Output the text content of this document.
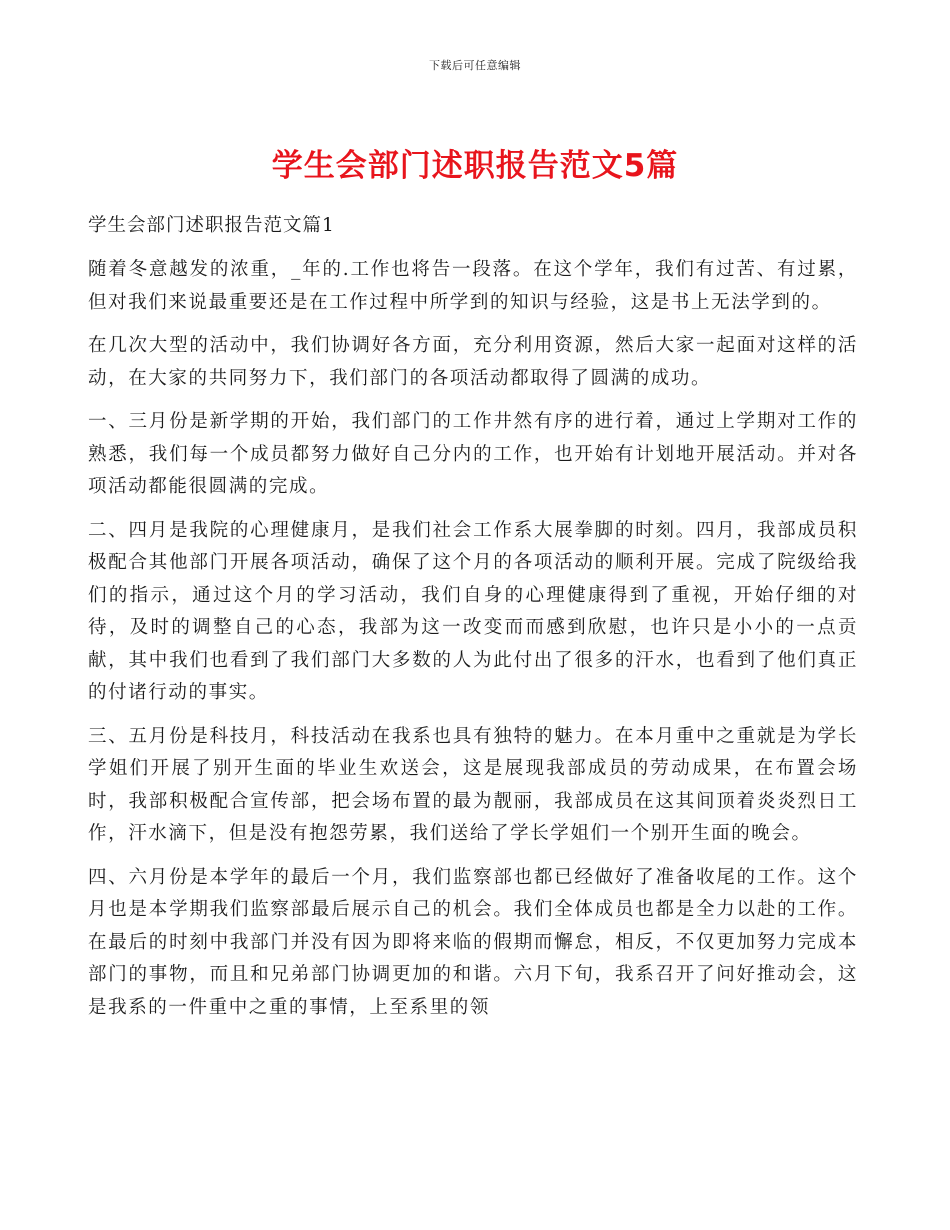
下载后可任意编辑
学生会部门述职报告范文5篇
学生会部门述职报告范文篇1

随着冬意越发的浓重，_年的.工作也将告一段落。在这个学年，我们有过苦、有过累，但对我们来说最重要还是在工作过程中所学到的知识与经验，这是书上无法学到的。

在几次大型的活动中，我们协调好各方面，充分利用资源，然后大家一起面对这样的活动，在大家的共同努力下，我们部门的各项活动都取得了圆满的成功。

一、三月份是新学期的开始，我们部门的工作井然有序的进行着，通过上学期对工作的熟悉，我们每一个成员都努力做好自己分内的工作，也开始有计划地开展活动。并对各项活动都能很圆满的完成。

二、四月是我院的心理健康月，是我们社会工作系大展拳脚的时刻。四月，我部成员积极配合其他部门开展各项活动，确保了这个月的各项活动的顺利开展。完成了院级给我们的指示，通过这个月的学习活动，我们自身的心理健康得到了重视，开始仔细的对待，及时的调整自己的心态，我部为这一改变而而感到欣慰，也许只是小小的一点贡献，其中我们也看到了我们部门大多数的人为此付出了很多的汗水，也看到了他们真正的付诸行动的事实。

三、五月份是科技月，科技活动在我系也具有独特的魅力。在本月重中之重就是为学长学姐们开展了别开生面的毕业生欢送会，这是展现我部成员的劳动成果，在布置会场时，我部积极配合宣传部，把会场布置的最为靓丽，我部成员在这其间顶着炎炎烈日工作，汗水滴下，但是没有抱怨劳累，我们送给了学长学姐们一个别开生面的晚会。

四、六月份是本学年的最后一个月，我们监察部也都已经做好了准备收尾的工作。这个月也是本学期我们监察部最后展示自己的机会。我们全体成员也都是全力以赴的工作。在最后的时刻中我部门并没有因为即将来临的假期而懈怠，相反，不仅更加努力完成本部门的事物，而且和兄弟部门协调更加的和谐。六月下旬，我系召开了问好推动会，这是我系的一件重中之重的事情，上至系里的领
